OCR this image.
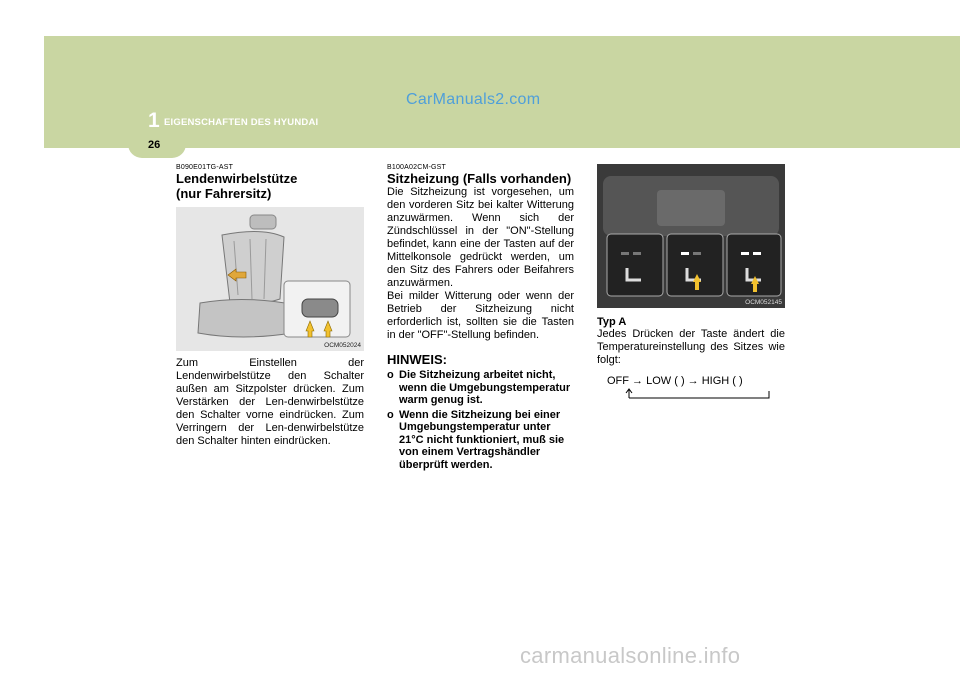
1 EIGENSCHAFTEN DES HYUNDAI
CarManuals2.com
26
B090E01TG-AST
Lendenwirbelstütze
(nur Fahrersitz)
OCM052024
Zum Einstellen der Lendenwirbelstütze den Schalter außen am Sitzpolster drücken. Zum Verstärken der Len-denwirbelstütze den Schalter vorne eindrücken. Zum Verringern der Len-denwirbelstütze den Schalter hinten eindrücken.
B100A02CM-GST
Sitzheizung (Falls vorhanden)
Die Sitzheizung ist vorgesehen, um den vorderen Sitz bei kalter Witterung anzuwärmen. Wenn sich der Zündschlüssel in der "ON"-Stellung befindet, kann eine der Tasten auf der Mittelkonsole gedrückt werden, um den Sitz des Fahrers oder Beifahrers anzuwärmen.
Bei milder Witterung oder wenn der Betrieb der Sitzheizung nicht erforderlich ist, sollten sie die Tasten in der "OFF"-Stellung befinden.
HINWEIS:
o Die Sitzheizung arbeitet nicht, wenn die Umgebungstemperatur warm genug ist.
o Wenn die Sitzheizung bei einer Umgebungstemperatur unter 21°C nicht funktioniert, muß sie von einem Vertragshändler überprüft werden.
OCM052145
Typ A
Jedes Drücken der Taste ändert die Temperatureinstellung des Sitzes wie folgt:
OFF → LOW ( ) → HIGH ( )
carmanualsonline.info
